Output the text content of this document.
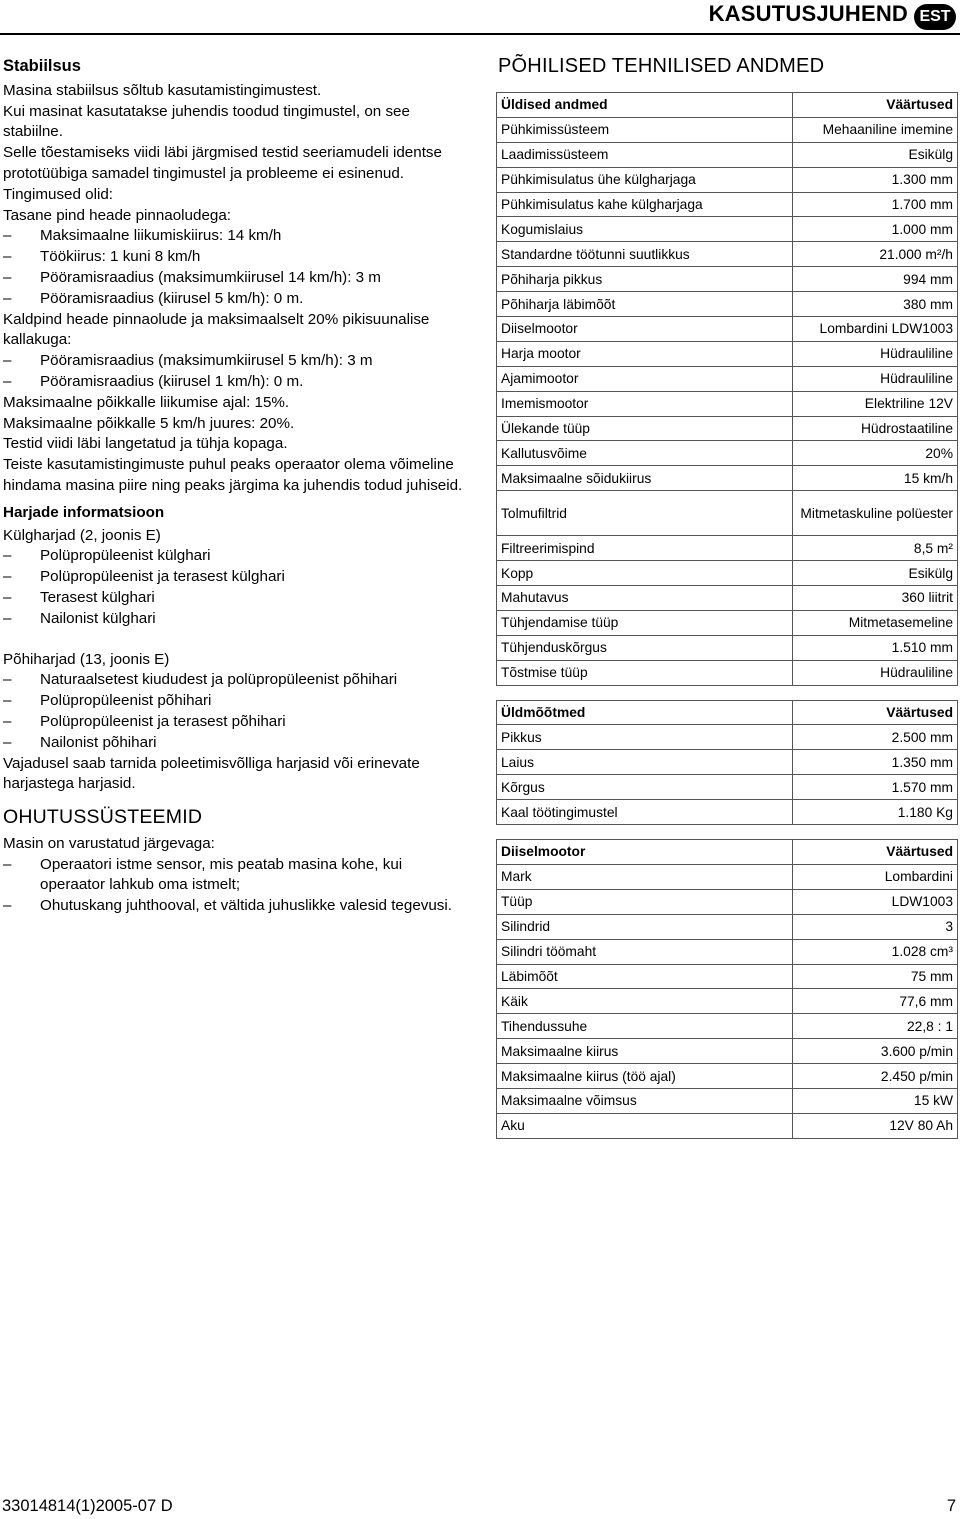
KASUTUSJUHEND EST

Stabiilsus

Masina stabiilsus sõltub kasutamistingimustest.

Kui masinat kasutatakse juhendis toodud tingimustel, on see stabiilne.

Selle tõestamiseks viidi läbi järgmised testid seeriamudeli identse prototüübiga samadel tingimustel ja probleeme ei esinenud. Tingimused olid:

Tasane pind heade pinnaoludega:

– Maksimaalne liikumiskiirus: 14 km/h
– Töökiirus: 1 kuni 8 km/h
– Pööramisraadius (maksimumkiirusel 14 km/h): 3 m
– Pööramisraadius (kiirusel 5 km/h): 0 m.

Kaldpind heade pinnaolude ja maksimaalselt 20% pikisuunalise kallakuga:

– Pööramisraadius (maksimumkiirusel 5 km/h): 3 m
– Pööramisraadius (kiirusel 1 km/h): 0 m.

Maksimaalne põikkalle liikumise ajal: 15%.

Maksimaalne põikkalle 5 km/h juures: 20%.

Testid viidi läbi langetatud ja tühja kopaga.

Teiste kasutamistingimuste puhul peaks operaator olema võimeline hindama masina piire ning peaks järgima ka juhendis todud juhiseid.

Harjade informatsioon

Külgharjad (2, joonis E)

– Polüpropüleenist külghari
– Polüpropüleenist ja terasest külghari
– Terasest külghari
– Nailonist külghari

Põhiharjad (13, joonis E)

– Naturaalsetest kiududest ja polüpropüleenist põhihari
– Polüpropüleenist põhihari
– Polüpropüleenist ja terasest põhihari
– Nailonist põhihari

Vajadusel saab tarnida poleetimisvõlliga harjasid või erinevate harjastega harjasid.

OHUTUSSÜSTEEMID

Masin on varustatud järgevaga:

– Operaatori istme sensor, mis peatab masina kohe, kui operaator lahkub oma istmelt;
– Ohutuskang juhthooval, et vältida juhuslikke valesid tegevusi.

PÕHILISED TEHNILISED ANDMED

Üldised andmed	Väärtused
Pühkimissüsteem	Mehaaniline imemine
Laadimissüsteem	Esikülg
Pühkimisulatus ühe külgharjaga	1.300 mm
Pühkimisulatus kahe külgharjaga	1.700 mm
Kogumislaius	1.000 mm
Standardne töötunni suutlikkus	21.000 m²/h
Põhiharja pikkus	994 mm
Põhiharja läbimõõt	380 mm
Diiselmootor	Lombardini LDW1003
Harja mootor	Hüdrauliline
Ajamimootor	Hüdrauliline
Imemismootor	Elektriline 12V
Ülekande tüüp	Hüdrostaatiline
Kallutusvõime	20%
Maksimaalne sõidukiirus	15 km/h
Tolmufiltrid	Mitmetaskuline polüester
Filtreerimispind	8,5 m²
Kopp	Esikülg
Mahutavus	360 liitrit
Tühjendamise tüüp	Mitmetasemeline
Tühjenduskõrgus	1.510 mm
Tõstmise tüüp	Hüdrauliline
Üldmõõtmed	Väärtused
Pikkus	2.500 mm
Laius	1.350 mm
Kõrgus	1.570 mm
Kaal töötingimustel	1.180 Kg
Diiselmootor	Väärtused
Mark	Lombardini
Tüüp	LDW1003
Silindrid	3
Silindri töömaht	1.028 cm³
Läbimõõt	75 mm
Käik	77,6 mm
Tihendussuhe	22,8 : 1
Maksimaalne kiirus	3.600 p/min
Maksimaalne kiirus (töö ajal)	2.450 p/min
Maksimaalne võimsus	15 kW
Aku	12V 80 Ah
33014814(1)2005-07 D	7
